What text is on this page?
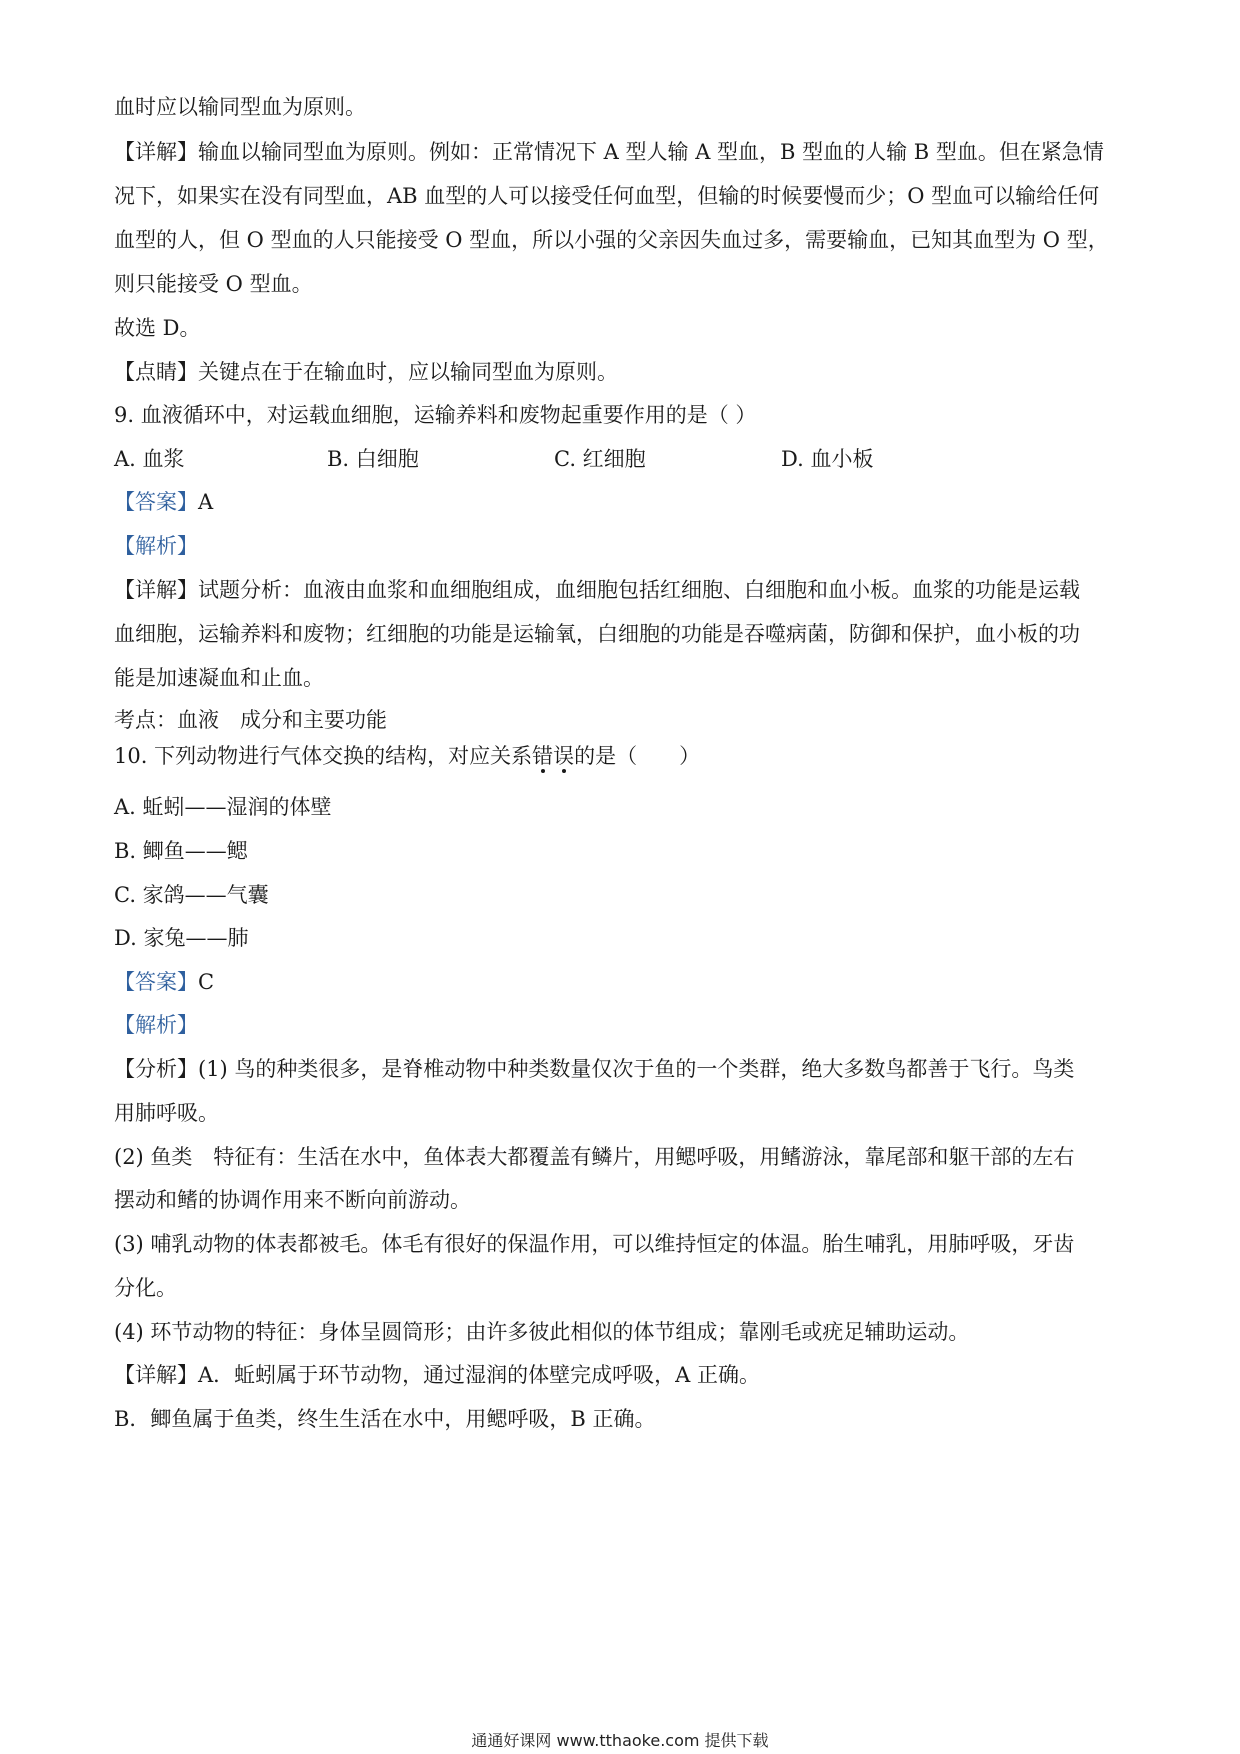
血时应以输同型血为原则。
【详解】输血以输同型血为原则。例如：正常情况下 A 型人输 A 型血，B 型血的人输 B 型血。但在紧急情
况下，如果实在没有同型血，AB 血型的人可以接受任何血型，但输的时候要慢而少；O 型血可以输给任何
血型的人，但 O 型血的人只能接受 O 型血，所以小强的父亲因失血过多，需要输血，已知其血型为 O 型，
则只能接受 O 型血。
故选 D。
【点睛】关键点在于在输血时，应以输同型血为原则。
9. 血液循环中，对运载血细胞，运输养料和废物起重要作用的是（ ）
A. 血浆	B. 白细胞	C. 红细胞	D. 血小板
【答案】A
【解析】
【详解】试题分析：血液由血浆和血细胞组成，血细胞包括红细胞、白细胞和血小板。血浆的功能是运载
血细胞，运输养料和废物；红细胞的功能是运输氧，白细胞的功能是吞噬病菌，防御和保护，血小板的功
能是加速凝血和止血。
考点：血液　成分和主要功能
10. 下列动物进行气体交换的结构，对应关系错误的是（　　）
A. 蚯蚓——湿润的体壁
B. 鲫鱼——鳃
C. 家鸽——气囊
D. 家兔——肺
【答案】C
【解析】
【分析】(1) 鸟的种类很多，是脊椎动物中种类数量仅次于鱼的一个类群，绝大多数鸟都善于飞行。鸟类
用肺呼吸。
(2) 鱼类　特征有：生活在水中，鱼体表大都覆盖有鳞片，用鳃呼吸，用鳍游泳，靠尾部和躯干部的左右
摆动和鳍的协调作用来不断向前游动。
(3) 哺乳动物的体表都被毛。体毛有很好的保温作用，可以维持恒定的体温。胎生哺乳，用肺呼吸，牙齿
分化。
(4) 环节动物的特征：身体呈圆筒形；由许多彼此相似的体节组成；靠刚毛或疣足辅助运动。
【详解】A．蚯蚓属于环节动物，通过湿润的体壁完成呼吸，A 正确。
B．鲫鱼属于鱼类，终生生活在水中，用鳃呼吸，B 正确。
通通好课网 www.tthaoke.com 提供下载
